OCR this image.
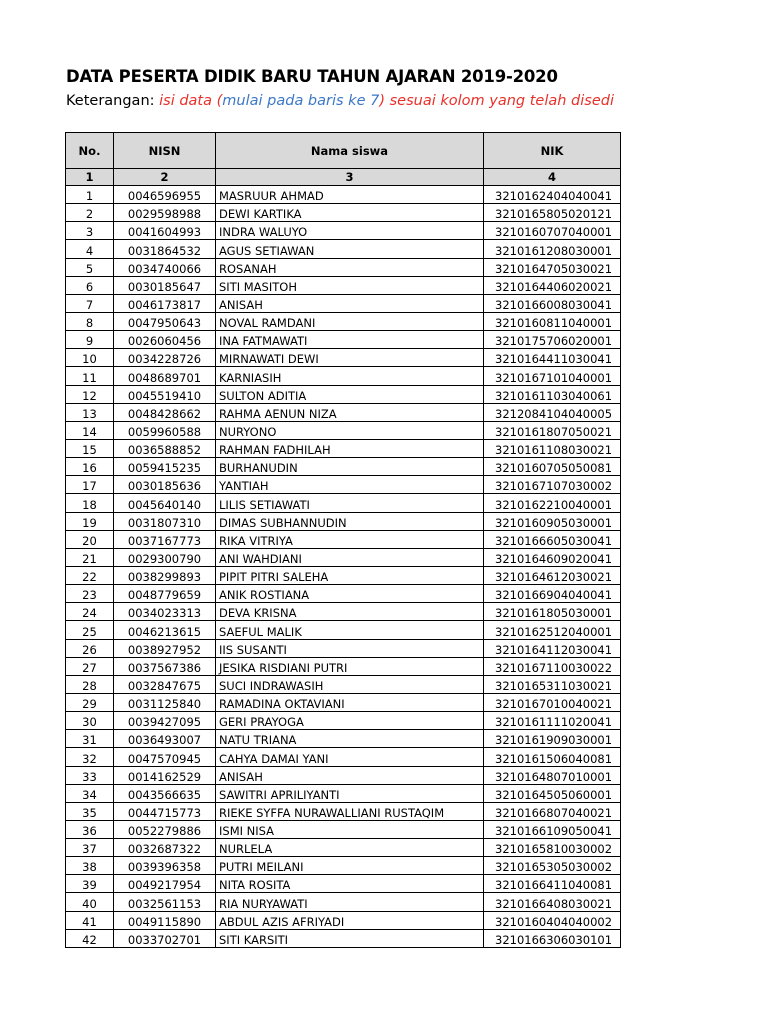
DATA PESERTA DIDIK BARU TAHUN AJARAN 2019-2020
Keterangan: isi data (mulai pada baris ke 7) sesuai kolom yang telah disedi
No.	NISN	Nama siswa	NIK
1	2	3	4
1	0046596955	MASRUUR AHMAD	3210162404040041
2	0029598988	DEWI KARTIKA	3210165805020121
3	0041604993	INDRA WALUYO	3210160707040001
4	0031864532	AGUS SETIAWAN	3210161208030001
5	0034740066	ROSANAH	3210164705030021
6	0030185647	SITI MASITOH	3210164406020021
7	0046173817	ANISAH	3210166008030041
8	0047950643	NOVAL RAMDANI	3210160811040001
9	0026060456	INA FATMAWATI	3210175706020001
10	0034228726	MIRNAWATI DEWI	3210164411030041
11	0048689701	KARNIASIH	3210167101040001
12	0045519410	SULTON ADITIA	3210161103040061
13	0048428662	RAHMA AENUN NIZA	3212084104040005
14	0059960588	NURYONO	3210161807050021
15	0036588852	RAHMAN FADHILAH	3210161108030021
16	0059415235	BURHANUDIN	3210160705050081
17	0030185636	YANTIAH	3210167107030002
18	0045640140	LILIS SETIAWATI	3210162210040001
19	0031807310	DIMAS SUBHANNUDIN	3210160905030001
20	0037167773	RIKA VITRIYA	3210166605030041
21	0029300790	ANI WAHDIANI	3210164609020041
22	0038299893	PIPIT PITRI SALEHA	3210164612030021
23	0048779659	ANIK ROSTIANA	3210166904040041
24	0034023313	DEVA KRISNA	3210161805030001
25	0046213615	SAEFUL MALIK	3210162512040001
26	0038927952	IIS SUSANTI	3210164112030041
27	0037567386	JESIKA RISDIANI PUTRI	3210167110030022
28	0032847675	SUCI INDRAWASIH	3210165311030021
29	0031125840	RAMADINA OKTAVIANI	3210167010040021
30	0039427095	GERI PRAYOGA	3210161111020041
31	0036493007	NATU TRIANA	3210161909030001
32	0047570945	CAHYA DAMAI YANI	3210161506040081
33	0014162529	ANISAH	3210164807010001
34	0043566635	SAWITRI APRILIYANTI	3210164505060001
35	0044715773	RIEKE SYFFA NURAWALLIANI RUSTAQIM	3210166807040021
36	0052279886	ISMI NISA	3210166109050041
37	0032687322	NURLELA	3210165810030002
38	0039396358	PUTRI MEILANI	3210165305030002
39	0049217954	NITA ROSITA	3210166411040081
40	0032561153	RIA NURYAWATI	3210166408030021
41	0049115890	ABDUL AZIS AFRIYADI	3210160404040002
42	0033702701	SITI KARSITI	3210166306030101
